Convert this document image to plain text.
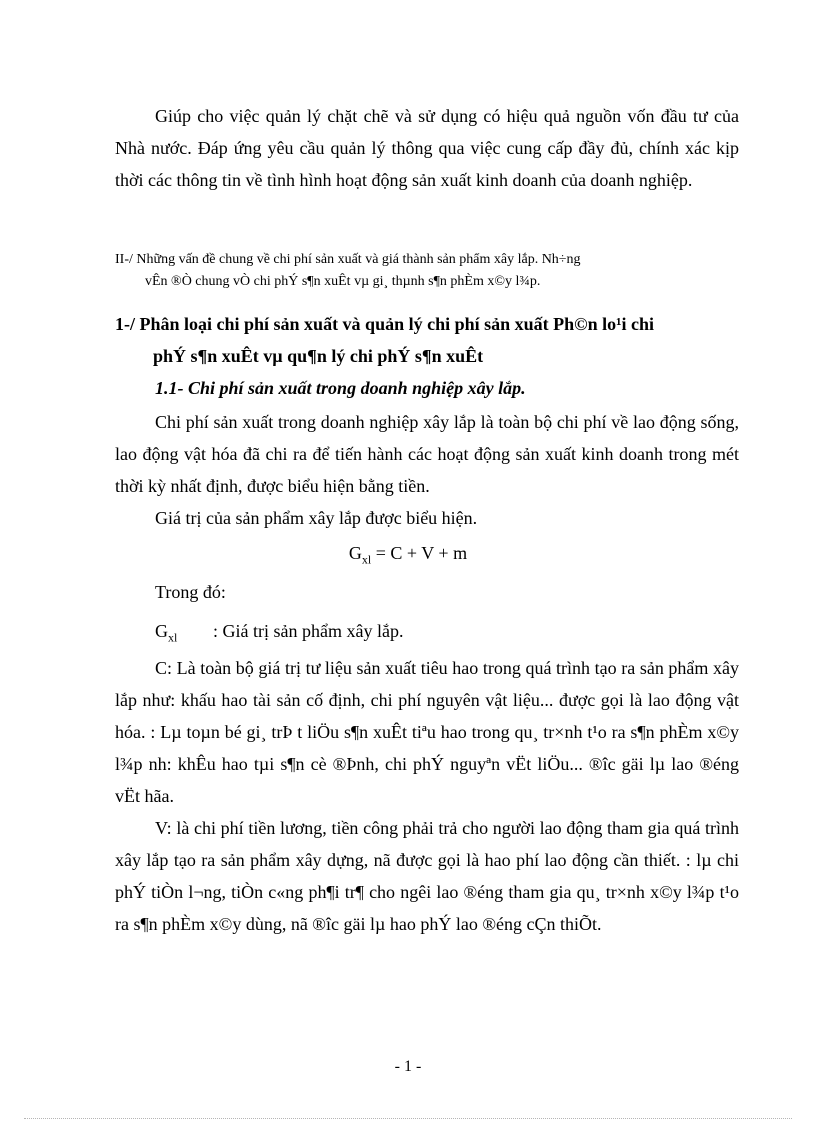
Giúp cho việc quản lý chặt chẽ và sử dụng có hiệu quả nguồn vốn đầu tư của Nhà nước. Đáp ứng yêu cầu quản lý thông qua việc cung cấp đầy đủ, chính xác kịp thời các thông tin về tình hình hoạt động sản xuất kinh doanh của doanh nghiệp.

II-/ Những vấn đề chung về chi phí sản xuất và giá thành sản phẩm xây lắp. Nh÷ng
vÊn ®Ò chung vÒ chi phÝ s¶n xuÊt vµ gi¸ thµnh s¶n phÈm x©y l¾p.
1-/ Phân loại chi phí sản xuất và quản lý chi phí sản xuất Ph©n lo¹i chi
phÝ s¶n xuÊt vµ qu¶n lý chi phÝ s¶n xuÊt

1.1- Chi phí sản xuất trong doanh nghiệp xây lắp.

Chi phí sản xuất trong doanh nghiệp xây lắp là toàn bộ chi phí về lao động sống, lao động vật hóa đã chi ra để tiến hành các hoạt động sản xuất kinh doanh trong mét thời kỳ nhất định, được biểu hiện bằng tiền.

Giá trị của sản phẩm xây lắp được biểu hiện.

$G_{xl} = C + V + m$

Trong đó:

$G_{xl}$ : Giá trị sản phẩm xây lắp.

C: Là toàn bộ giá trị tư liệu sản xuất tiêu hao trong quá trình tạo ra sản phẩm xây lắp như: khấu hao tài sản cố định, chi phí nguyên vật liệu... được gọi là lao động vật hóa. : Lµ toµn bé gi¸ trÞ t liÖu s¶n xuÊt tiªu hao trong qu¸ tr×nh t¹o ra s¶n phÈm x©y l¾p nh: khÊu hao tµi s¶n cè ®Þnh, chi phÝ nguyªn vËt liÖu... ®îc gäi lµ lao ®éng vËt hãa.

V: là chi phí tiền lương, tiền công phải trả cho người lao động tham gia quá trình xây lắp tạo ra sản phẩm xây dựng, nã được gọi là hao phí lao động cần thiết. : lµ chi phÝ tiÒn l¬ng, tiÒn c«ng ph¶i tr¶ cho ngêi lao ®éng tham gia qu¸ tr×nh x©y l¾p t¹o ra s¶n phÈm x©y dùng, nã ®îc gäi lµ hao phÝ lao ®éng cÇn thiÕt.

- 1 -
